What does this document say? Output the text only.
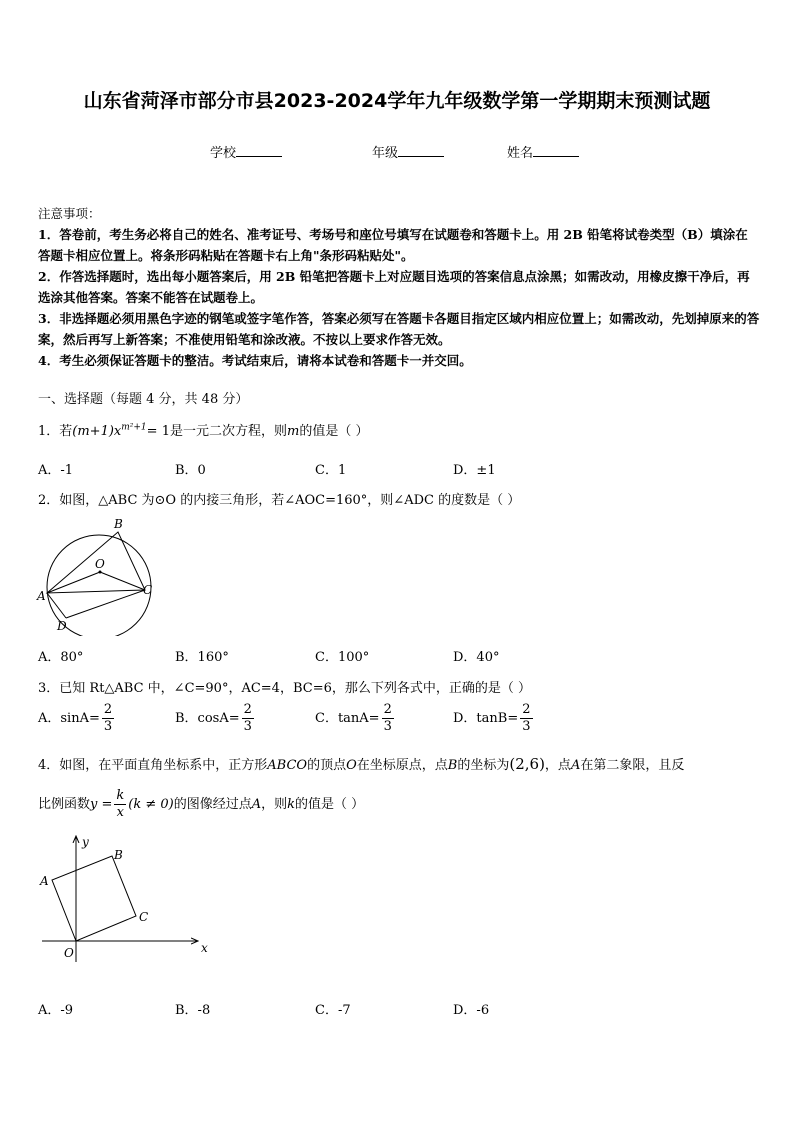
山东省菏泽市部分市县2023-2024学年九年级数学第一学期期末预测试题
学校	年级	姓名

注意事项：

1．答卷前，考生务必将自己的姓名、准考证号、考场号和座位号填写在试题卷和答题卡上。用 2B 铅笔将试卷类型（B）填涂在答题卡相应位置上。将条形码粘贴在答题卡右上角"条形码粘贴处"。

2．作答选择题时，选出每小题答案后，用 2B 铅笔把答题卡上对应题目选项的答案信息点涂黑；如需改动，用橡皮擦干净后，再选涂其他答案。答案不能答在试题卷上。

3．非选择题必须用黑色字迹的钢笔或签字笔作答，答案必须写在答题卡各题目指定区域内相应位置上；如需改动，先划掉原来的答案，然后再写上新答案；不准使用铅笔和涂改液。不按以上要求作答无效。

4．考生必须保证答题卡的整洁。考试结束后，请将本试卷和答题卡一并交回。

一、选择题（每题 4 分，共 48 分）
1．若$(m+1)x^{m^2+1}= 1$是一元二次方程，则m的值是（ ）
A．-1	B．0	C．1	D．±1
2．如图，△ABC 为⊙O 的内接三角形，若∠AOC=160°，则∠ADC 的度数是（ ）
B
O
A	C
D
A．80°	B．160°	C．100°	D．40°
3．已知 Rt△ABC 中，∠C=90°，AC=4，BC=6，那么下列各式中，正确的是（ ）
A．$\sin A= \frac{2}{3}$	B．$\cos A= \frac{2}{3}$	C．$\tan A= \frac{2}{3}$	D．$\tan B= \frac{2}{3}$
4．如图，在平面直角坐标系中，正方形ABCO的顶点O在坐标原点，点B的坐标为(2,6)，点A在第二象限，且反
比例函数$y = \frac{k}{x} (k \ne 0)$的图像经过点A，则k的值是（ ）
y
x
B
A
C
O
A．-9	B．-8	C．-7	D．-6
